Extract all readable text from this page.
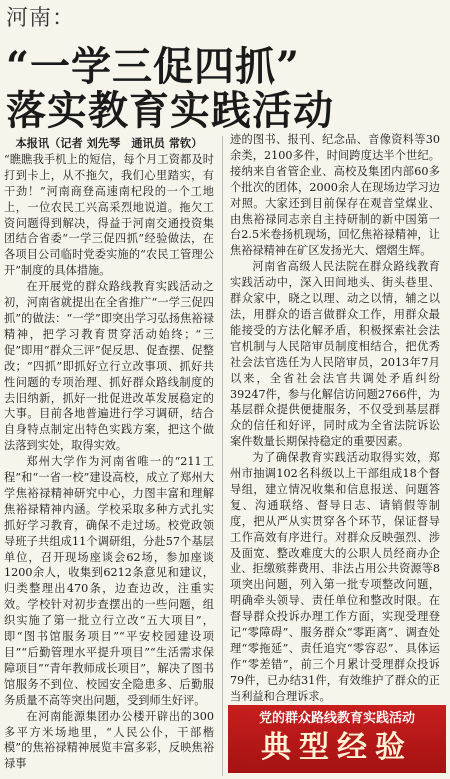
河南：
“一学三促四抓”
落实教育实践活动

本报讯（记者 刘先琴　通讯员 常钦）

“瞧瞧我手机上的短信，每个月工资都及时打到卡上，从不拖欠，我们心里踏实，有干劲！”河南商登高速南杞段的一个工地上，一位农民工兴高采烈地说道。拖欠工资问题得到解决，得益于河南交通投资集团结合省委“一学三促四抓”经验做法，在各项目公司临时党委实施的“农民工管理公开”制度的具体措施。

在开展党的群众路线教育实践活动之初，河南省就提出在全省推广“一学三促四抓”的做法：“一学”即突出学习弘扬焦裕禄精神，把学习教育贯穿活动始终；“三促”即用“群众三评”促反思、促查摆、促整改；“四抓”即抓好立行立改事项、抓好共性问题的专项治理、抓好群众路线制度的去旧纳新，抓好一批促进改革发展稳定的大事。目前各地普遍进行学习调研，结合自身特点制定出特色实践方案，把这个做法落到实处，取得实效。

郑州大学作为河南省唯一的“211工程”和“一省一校”建设高校，成立了郑州大学焦裕禄精神研究中心，力图丰富和理解焦裕禄精神内涵。学校采取多种方式扎实抓好学习教育，确保不走过场。校党政领导班子共组成11个调研组，分赴57个基层单位，召开现场座谈会62场，参加座谈1200余人，收集到6212条意见和建议，归类整理出470条，边查边改，注重实效。学校针对初步查摆出的一些问题，组织实施了第一批立行立改“五大项目”，即“图书馆服务项目”“平安校园建设项目”“后勤管理水平提升项目”“生活需求保障项目”“青年教师成长项目”，解决了图书馆服务不到位、校园安全隐患多、后勤服务质量不高等突出问题，受到师生好评。

在河南能源集团办公楼开辟出的300多平方米场地里，“人民公仆，干部楷模”的焦裕禄精神展览丰富多彩，反映焦裕禄事

迹的图书、报刊、纪念品、音像资料等30余类，2100多件，时间跨度达半个世纪。接纳来自省管企业、高校及集团内部60多个批次的团体，2000余人在现场边学习边对照。大家还到目前保存在观音堂煤业、由焦裕禄同志亲自主持研制的新中国第一台2.5米卷扬机现场，回忆焦裕禄精神，让焦裕禄精神在矿区发扬光大、熠熠生辉。

河南省高级人民法院在群众路线教育实践活动中，深入田间地头、街头巷里、群众家中，晓之以理、动之以情，辅之以法，用群众的语言做群众工作，用群众最能接受的方法化解矛盾，积极探索社会法官机制与人民陪审员制度相结合，把优秀社会法官选任为人民陪审员，2013年7月以来，全省社会法官共调处矛盾纠纷39247件，参与化解信访问题2766件，为基层群众提供便捷服务，不仅受到基层群众的信任和好评，同时成为全省法院诉讼案件数量长期保持稳定的重要因素。

为了确保教育实践活动取得实效，郑州市抽调102名科级以上干部组成18个督导组，建立情况收集和信息报送、问题答复、沟通联络、督导日志、请销假等制度，把从严从实贯穿各个环节，保证督导工作高效有序进行。对群众反映强烈、涉及面宽、整改难度大的公职人员经商办企业、拒缴殡葬费用、非法占用公共资源等8项突出问题，列入第一批专项整改问题，明确牵头领导、责任单位和整改时限。在督导群众投诉办理工作方面，实现受理登记“零障碍”、服务群众“零距离”、调查处理“零拖延”、责任追究“零容忍”、具体运作“零差错”，前三个月累计受理群众投诉79件，已办结31件，有效维护了群众的正当利益和合理诉求。

党的群众路线教育实践活动
典型经验
